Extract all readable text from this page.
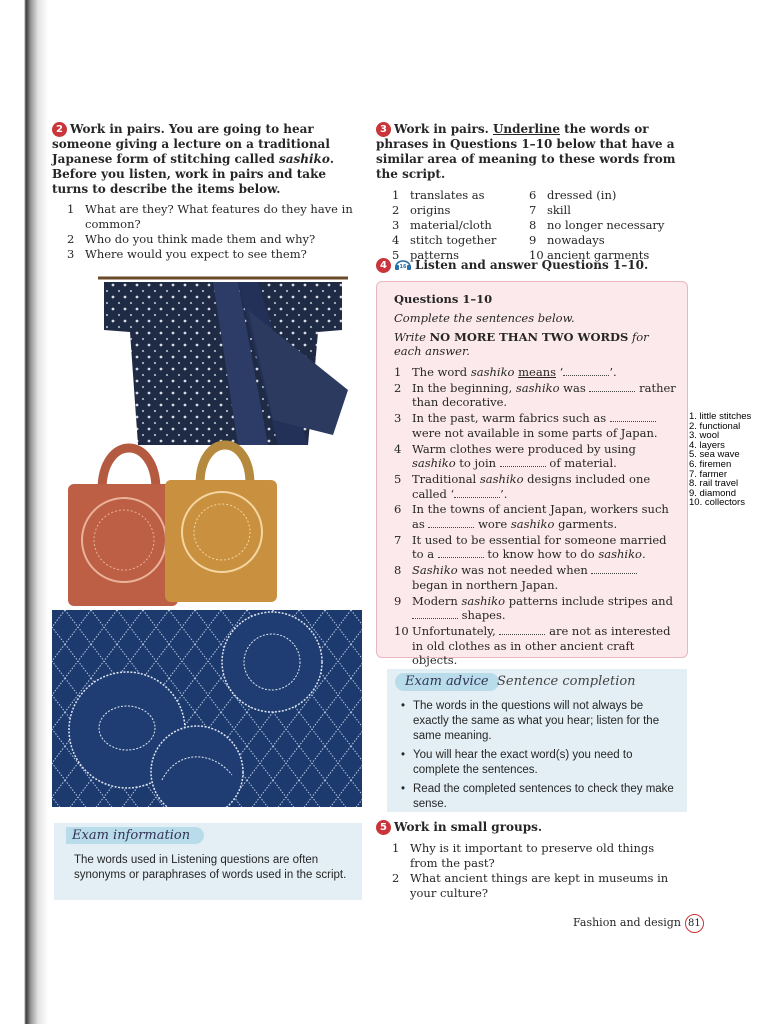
2 Work in pairs. You are going to hear someone giving a lecture on a traditional Japanese form of stitching called sashiko. Before you listen, work in pairs and take turns to describe the items below.
1 What are they? What features do they have in common?
2 Who do you think made them and why?
3 Where would you expect to see them?
Exam information
The words used in Listening questions are often synonyms or paraphrases of words used in the script.
3 Work in pairs. Underline the words or phrases in Questions 1–10 below that have a similar area of meaning to these words from the script.
1 translates as	6 dressed (in)
2 origins	7 skill
3 material/cloth	8 no longer necessary
4 stitch together	9 nowadays
5 patterns	10 ancient garments
4	16 Listen and answer Questions 1–10.
Questions 1–10
Complete the sentences below.
Write NO MORE THAN TWO WORDS for each answer.
1 The word sashiko means ‘	’.
2 In the beginning, sashiko was	rather than decorative.
3 In the past, warm fabrics such as  were not available in some parts of Japan.
4 Warm clothes were produced by using sashiko to join	of material.
5 Traditional sashiko designs included one called ‘	’.
6 In the towns of ancient Japan, workers such as	wore sashiko garments.
7 It used to be essential for someone married to a	to know how to do sashiko.
8 Sashiko was not needed when  began in northern Japan.
9 Modern sashiko patterns include stripes and  shapes.
10 Unfortunately,	are not as interested in old clothes as in other ancient craft objects.
1. little stitches
2. functional
3. wool
4. layers
5. sea wave
6. firemen
7. farmer
8. rail travel
9. diamond
10. collectors
Exam advice Sentence completion
• The words in the questions will not always be exactly the same as what you hear; listen for the same meaning.
• You will hear the exact word(s) you need to complete the sentences.
• Read the completed sentences to check they make sense.
5 Work in small groups.
1 Why is it important to preserve old things from the past?
2 What ancient things are kept in museums in your culture?
Fashion and design 81
